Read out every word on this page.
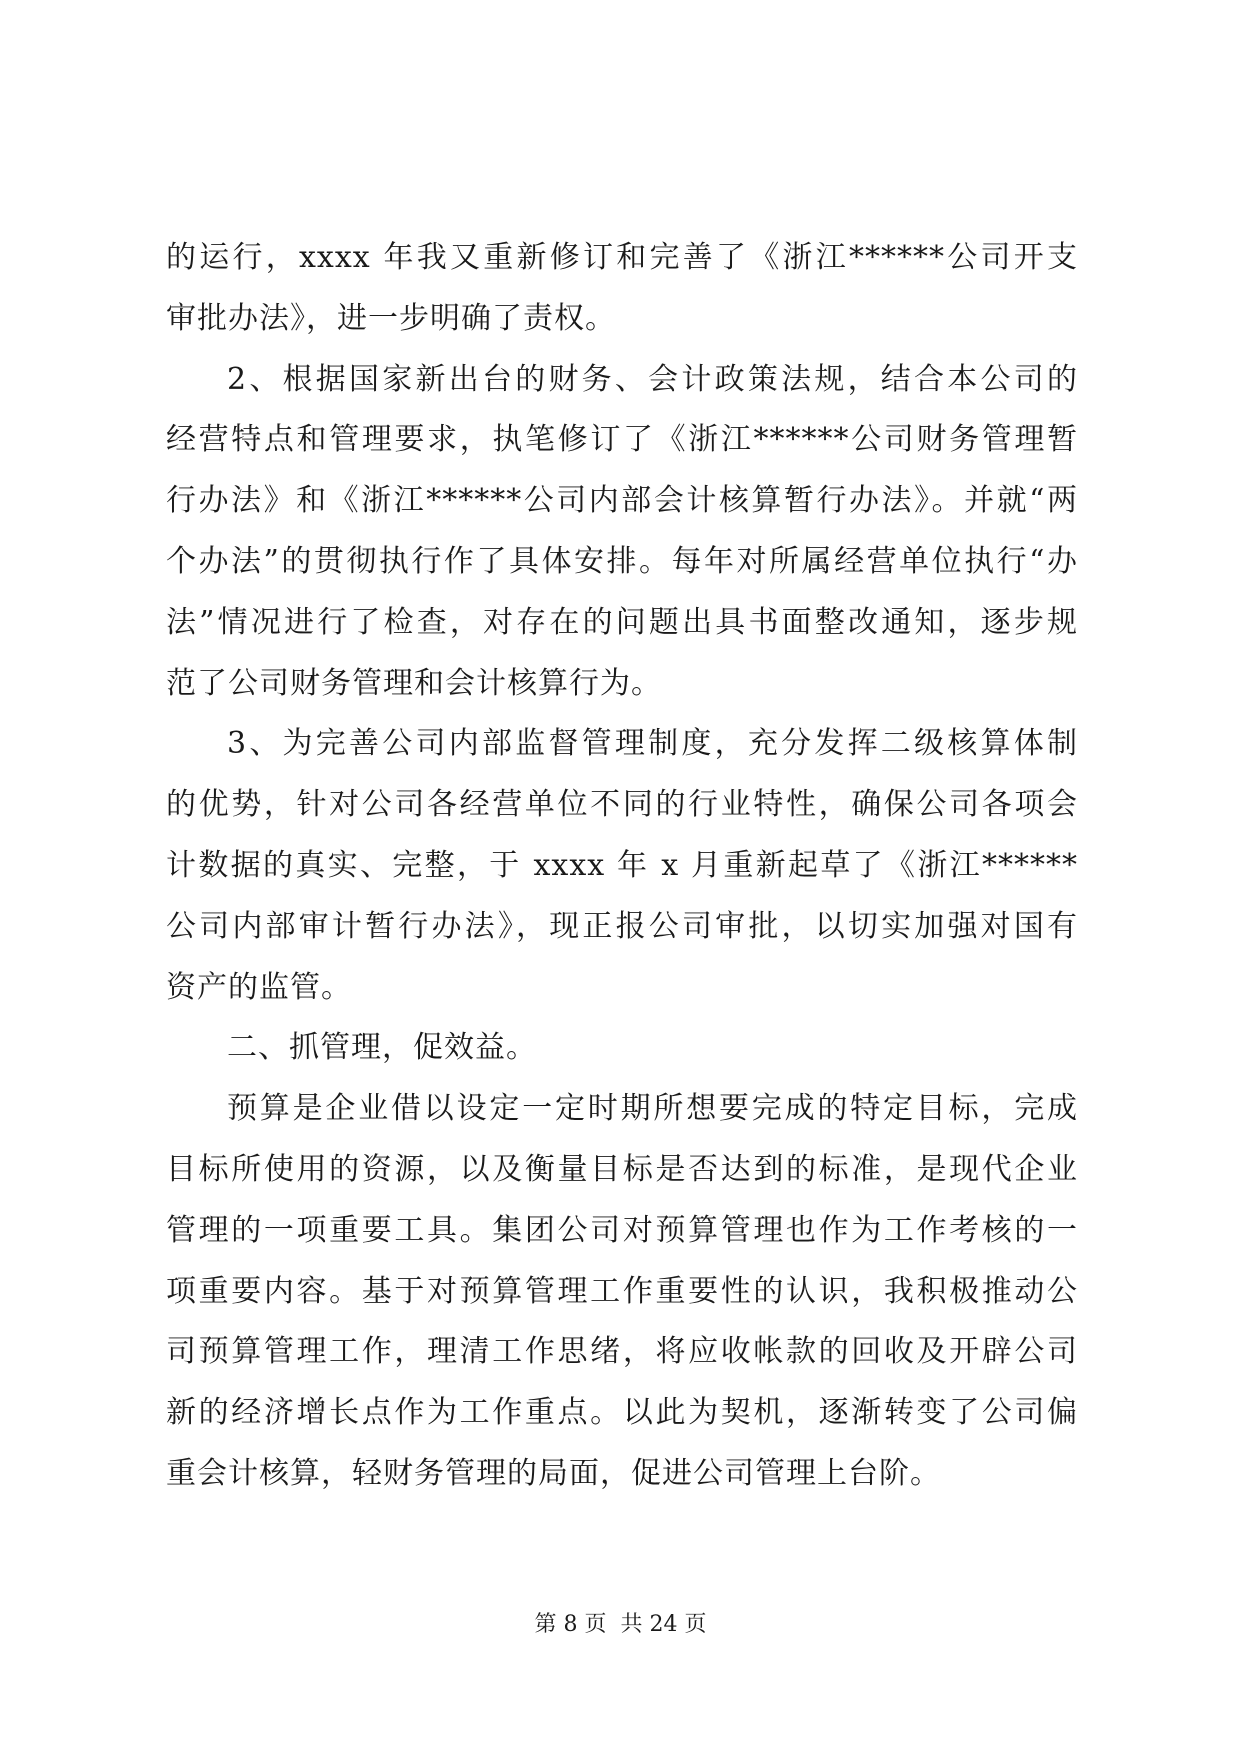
的运行，xxxx 年我又重新修订和完善了《浙江******公司开支
审批办法》，进一步明确了责权。
2、根据国家新出台的财务、会计政策法规，结合本公司的
经营特点和管理要求，执笔修订了《浙江******公司财务管理暂
行办法》和《浙江******公司内部会计核算暂行办法》。并就“两
个办法”的贯彻执行作了具体安排。每年对所属经营单位执行“办
法”情况进行了检查，对存在的问题出具书面整改通知，逐步规
范了公司财务管理和会计核算行为。
3、为完善公司内部监督管理制度，充分发挥二级核算体制
的优势，针对公司各经营单位不同的行业特性，确保公司各项会
计数据的真实、完整，于 xxxx 年 x 月重新起草了《浙江******
公司内部审计暂行办法》，现正报公司审批，以切实加强对国有
资产的监管。
二、抓管理，促效益。
预算是企业借以设定一定时期所想要完成的特定目标，完成
目标所使用的资源，以及衡量目标是否达到的标准，是现代企业
管理的一项重要工具。集团公司对预算管理也作为工作考核的一
项重要内容。基于对预算管理工作重要性的认识，我积极推动公
司预算管理工作，理清工作思绪，将应收帐款的回收及开辟公司
新的经济增长点作为工作重点。以此为契机，逐渐转变了公司偏
重会计核算，轻财务管理的局面，促进公司管理上台阶。
第 8 页 共 24 页
